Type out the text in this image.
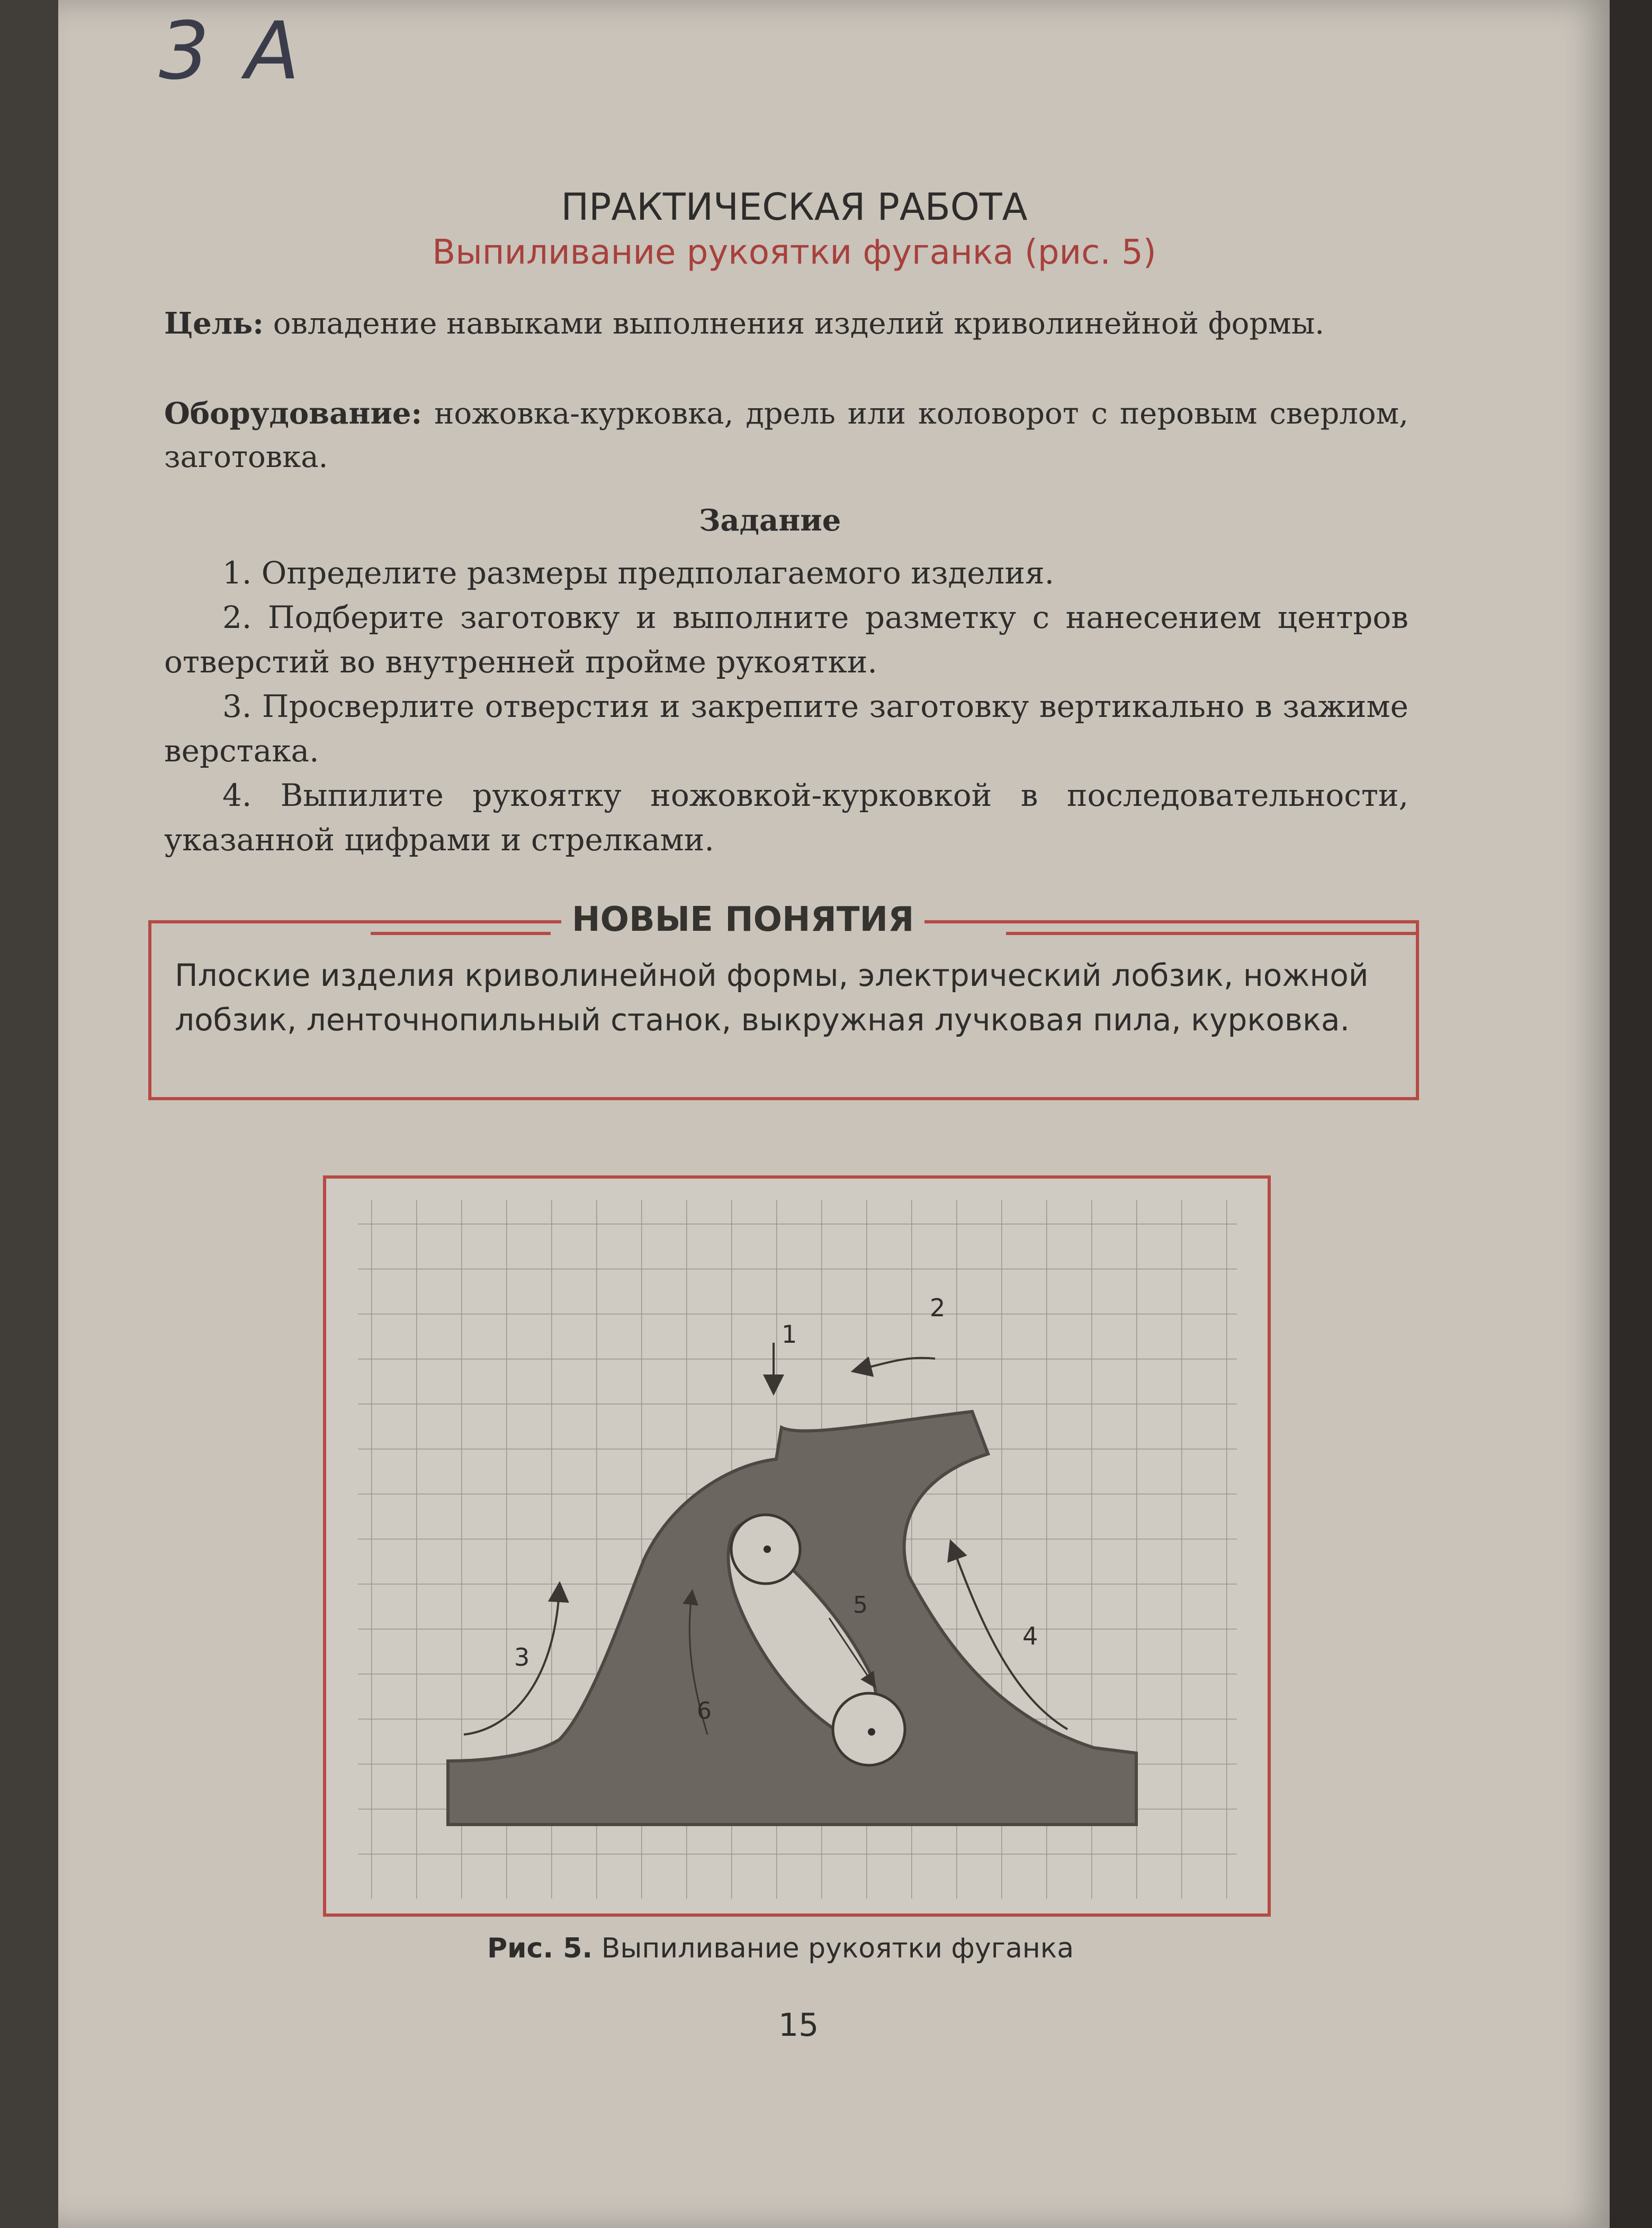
3 А
ПРАКТИЧЕСКАЯ РАБОТА
Выпиливание рукоятки фуганка (рис. 5)
Цель: овладение навыками выполнения изделий криволинейной формы.
Оборудование: ножовка-курковка, дрель или коловорот с перовым сверлом, заготовка.
Задание
1. Определите размеры предполагаемого изделия.
2. Подберите заготовку и выполните разметку с нанесением центров отверстий во внутренней пройме рукоятки.
3. Просверлите отверстия и закрепите заготовку вертикально в зажиме верстака.
4. Выпилите рукоятку ножовкой-курковкой в последовательности, указанной цифрами и стрелками.
НОВЫЕ ПОНЯТИЯ
Плоские изделия криволинейной формы, электрический лобзик, ножной лобзик, ленточнопильный станок, выкружная лучковая пила, курковка.
1
2
3
4
5
6
Рис. 5. Выпиливание рукоятки фуганка
15
